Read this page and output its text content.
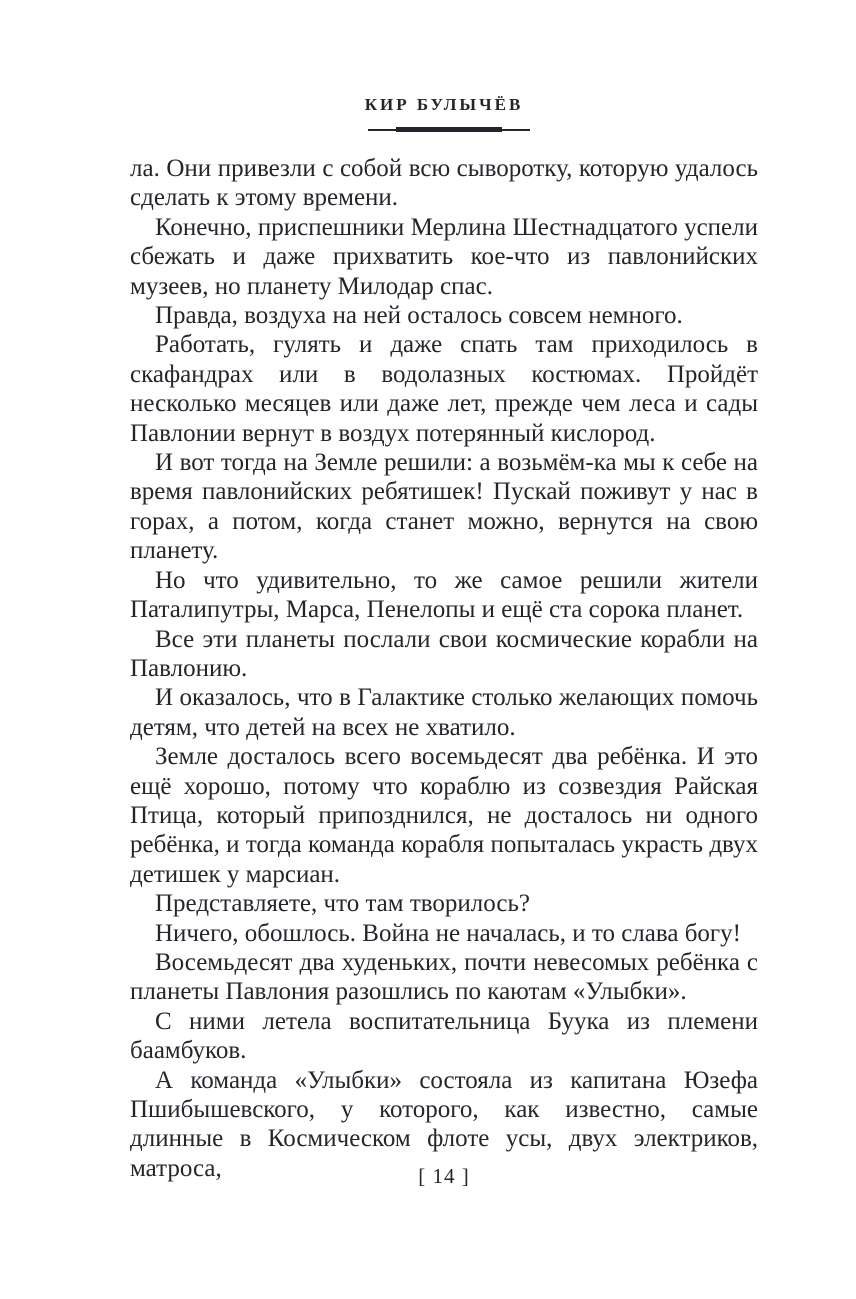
КИР БУЛЫЧЁВ

ла. Они привезли с собой всю сыворотку, которую удалось сделать к этому времени.

Конечно, приспешники Мерлина Шестнадцатого успели сбежать и даже прихватить кое-что из павлонийских музеев, но планету Милодар спас.

Правда, воздуха на ней осталось совсем немного.

Работать, гулять и даже спать там приходилось в скафандрах или в водолазных костюмах. Пройдёт несколько месяцев или даже лет, прежде чем леса и сады Павлонии вернут в воздух потерянный кислород.

И вот тогда на Земле решили: а возьмём-ка мы к себе на время павлонийских ребятишек! Пускай поживут у нас в горах, а потом, когда станет можно, вернутся на свою планету.

Но что удивительно, то же самое решили жители Паталипутры, Марса, Пенелопы и ещё ста сорока планет.

Все эти планеты послали свои космические корабли на Павлонию.

И оказалось, что в Галактике столько желающих помочь детям, что детей на всех не хватило.

Земле досталось всего восемьдесят два ребёнка. И это ещё хорошо, потому что кораблю из созвездия Райская Птица, который припозднился, не досталось ни одного ребёнка, и тогда команда корабля попыталась украсть двух детишек у марсиан.

Представляете, что там творилось?

Ничего, обошлось. Война не началась, и то слава богу!

Восемьдесят два худеньких, почти невесомых ребёнка с планеты Павлония разошлись по каютам «Улыбки».

С ними летела воспитательница Буука из племени баамбуков.

А команда «Улыбки» состояла из капитана Юзефа Пшибышевского, у которого, как известно, самые длинные в Космическом флоте усы, двух электриков, матроса,	[ 14 ]
